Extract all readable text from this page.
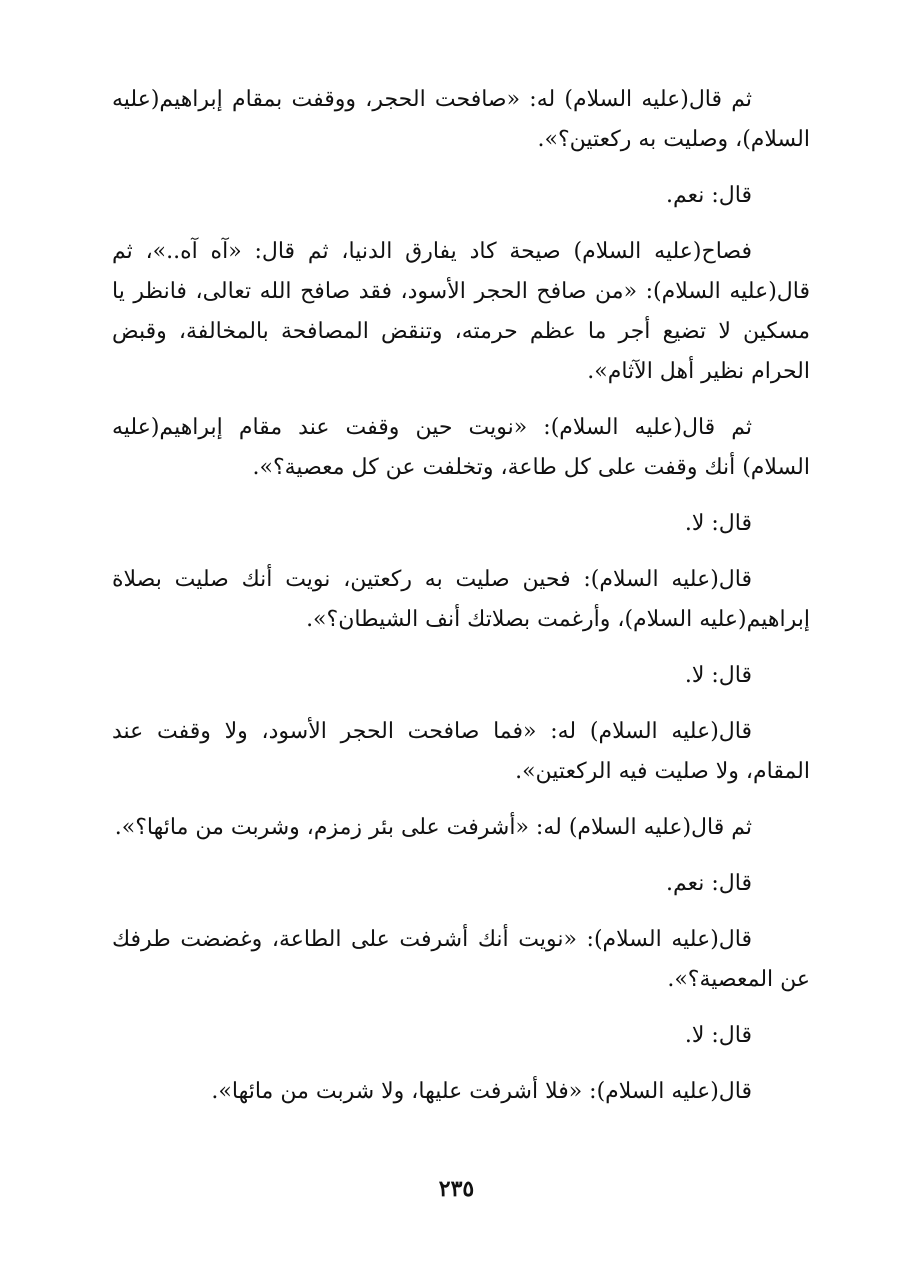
ثم قال(عليه السلام) له: «صافحت الحجر، ووقفت بمقام إبراهيم(عليه السلام)، وصليت به ركعتين؟».

قال: نعم.

فصاح(عليه السلام) صيحة كاد يفارق الدنيا، ثم قال: «آه آه..»، ثم قال(عليه السلام): «من صافح الحجر الأسود، فقد صافح الله تعالى، فانظر يا مسكين لا تضيع أجر ما عظم حرمته، وتنقض المصافحة بالمخالفة، وقبض الحرام نظير أهل الآثام».

ثم قال(عليه السلام): «نويت حين وقفت عند مقام إبراهيم(عليه السلام) أنك وقفت على كل طاعة، وتخلفت عن كل معصية؟».

قال: لا.

قال(عليه السلام): فحين صليت به ركعتين، نويت أنك صليت بصلاة إبراهيم(عليه السلام)، وأرغمت بصلاتك أنف الشيطان؟».

قال: لا.

قال(عليه السلام) له: «فما صافحت الحجر الأسود، ولا وقفت عند المقام، ولا صليت فيه الركعتين».

ثم قال(عليه السلام) له: «أشرفت على بئر زمزم، وشربت من مائها؟».

قال: نعم.

قال(عليه السلام): «نويت أنك أشرفت على الطاعة، وغضضت طرفك عن المعصية؟».

قال: لا.

قال(عليه السلام): «فلا أشرفت عليها، ولا شربت من مائها».

٢٣٥
